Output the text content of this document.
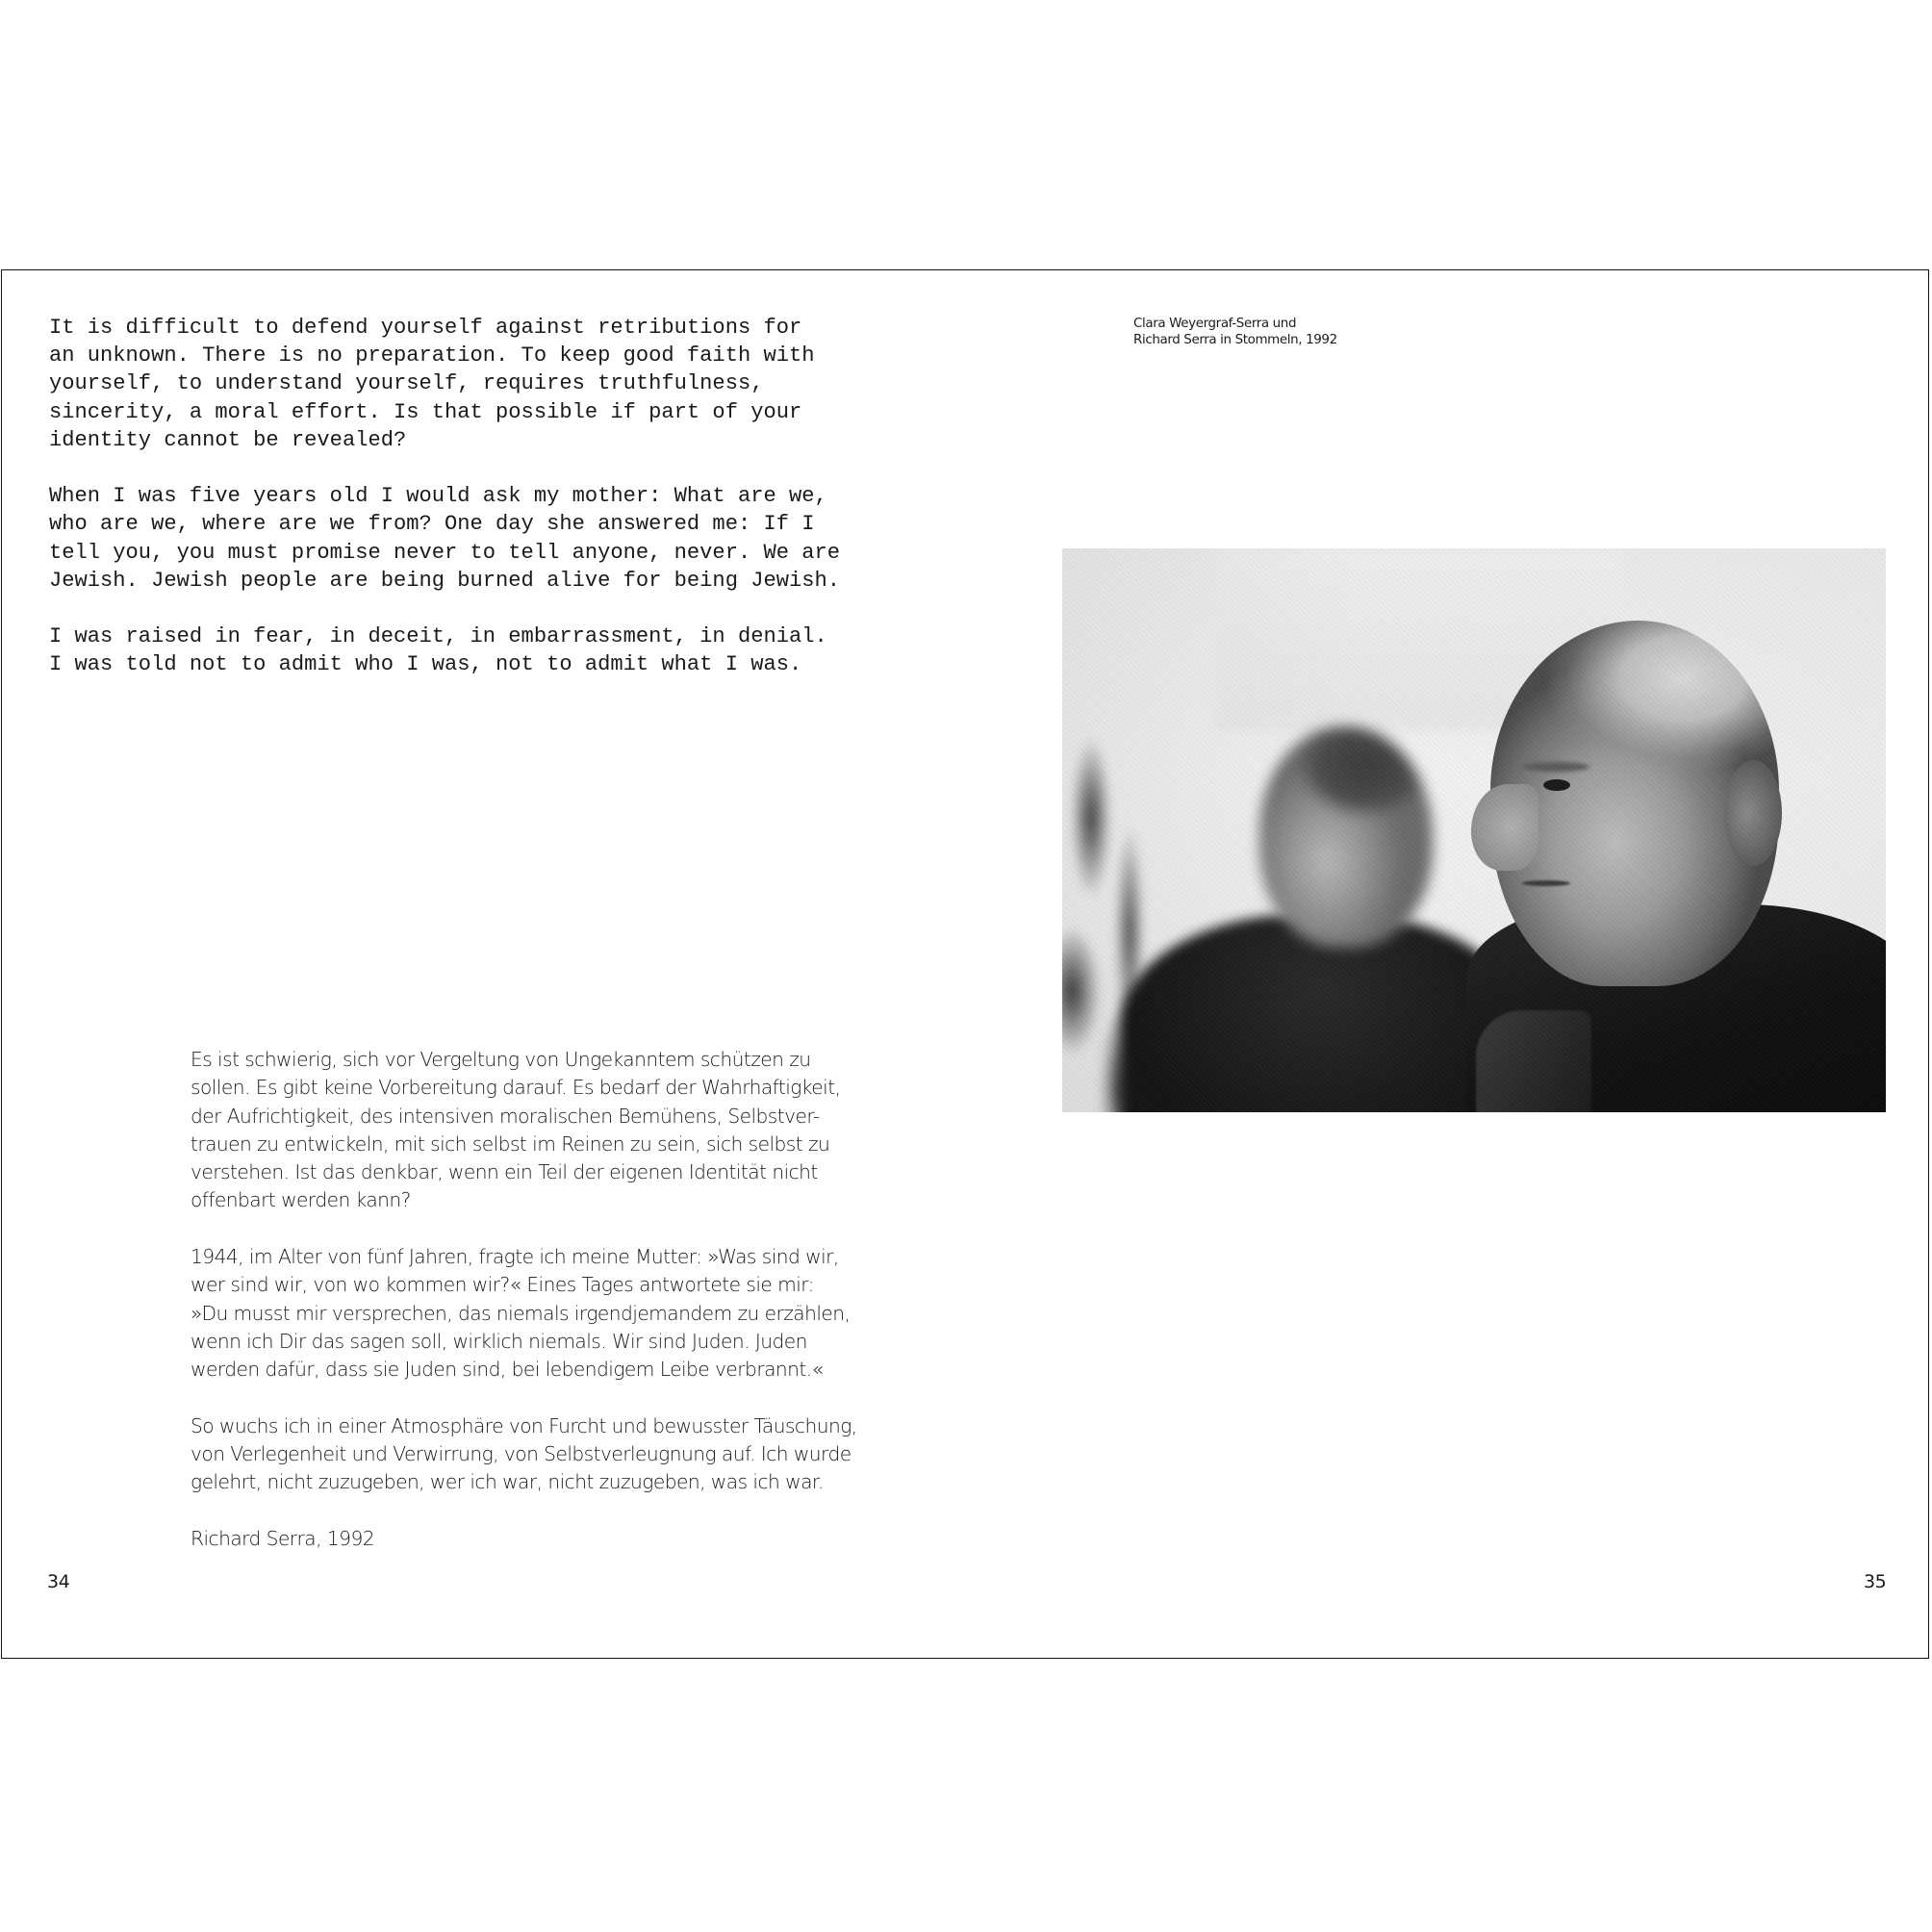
It is difficult to defend yourself against retributions for
an unknown. There is no preparation. To keep good faith with
yourself, to understand yourself, requires truthfulness,
sincerity, a moral effort. Is that possible if part of your
identity cannot be revealed?

When I was five years old I would ask my mother: What are we,
who are we, where are we from? One day she answered me: If I
tell you, you must promise never to tell anyone, never. We are
Jewish. Jewish people are being burned alive for being Jewish.

I was raised in fear, in deceit, in embarrassment, in denial.
I was told not to admit who I was, not to admit what I was.

Es ist schwierig, sich vor Vergeltung von Ungekanntem schützen zu
sollen. Es gibt keine Vorbereitung darauf. Es bedarf der Wahrhaftigkeit,
der Aufrichtigkeit, des intensiven moralischen Bemühens, Selbstver-
trauen zu entwickeln, mit sich selbst im Reinen zu sein, sich selbst zu
verstehen. Ist das denkbar, wenn ein Teil der eigenen Identität nicht
offenbart werden kann?

1944, im Alter von fünf Jahren, fragte ich meine Mutter: »Was sind wir,
wer sind wir, von wo kommen wir?« Eines Tages antwortete sie mir:
»Du musst mir versprechen, das niemals irgendjemandem zu erzählen,
wenn ich Dir das sagen soll, wirklich niemals. Wir sind Juden. Juden
werden dafür, dass sie Juden sind, bei lebendigem Leibe verbrannt.«

So wuchs ich in einer Atmosphäre von Furcht und bewusster Täuschung,
von Verlegenheit und Verwirrung, von Selbstverleugnung auf. Ich wurde
gelehrt, nicht zuzugeben, wer ich war, nicht zuzugeben, was ich war.

Richard Serra, 1992

34
Clara Weyergraf-Serra und
Richard Serra in Stommeln, 1992
35
